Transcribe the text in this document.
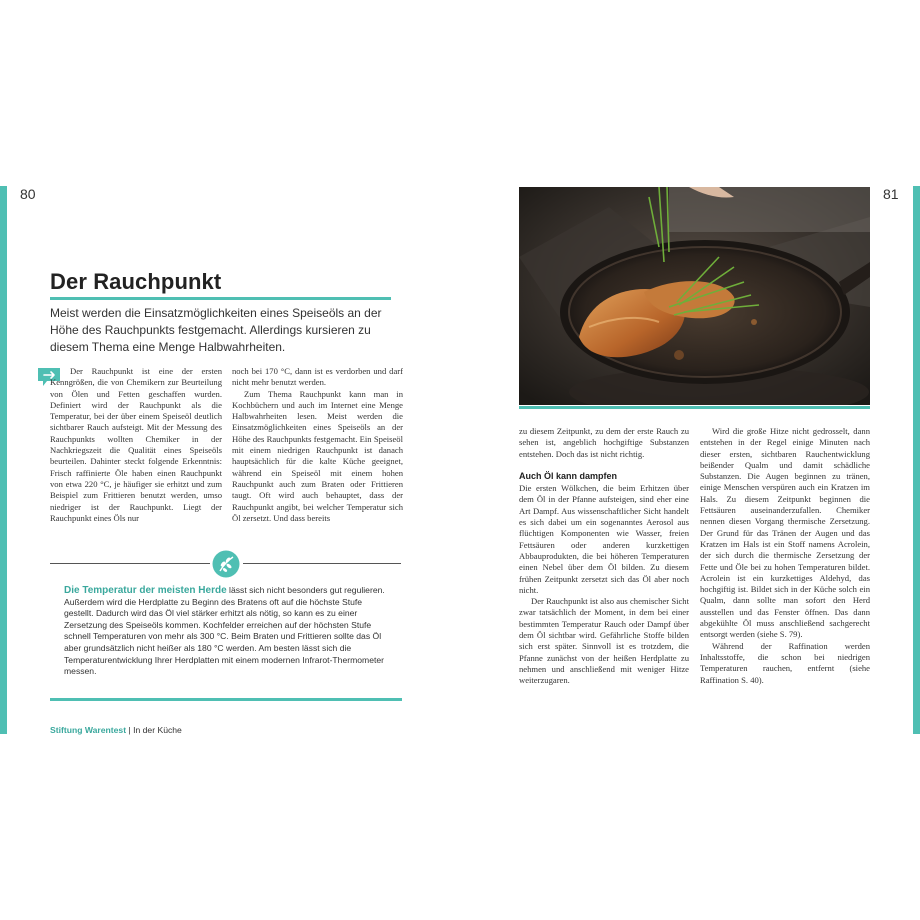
80	81
Der Rauchpunkt

Meist werden die Einsatzmöglichkeiten eines Speiseöls an der Höhe des Rauchpunkts festgemacht. Allerdings kursieren zu diesem Thema eine Menge Halbwahrheiten.

Der Rauchpunkt ist eine der ersten Kenngrößen, die von Chemikern zur Beurteilung von Ölen und Fetten geschaffen wurden. Definiert wird der Rauchpunkt als die Temperatur, bei der über einem Speiseöl deutlich sichtbarer Rauch aufsteigt. Mit der Messung des Rauchpunkts wollten Chemiker in der Nachkriegszeit die Qualität eines Speiseöls beurteilen. Dahinter steckt folgende Erkenntnis: Frisch raffinierte Öle haben einen Rauchpunkt von etwa 220 °C, je häufiger sie erhitzt und zum Beispiel zum Frittieren benutzt werden, umso niedriger ist der Rauchpunkt. Liegt der Rauchpunkt eines Öls nur

noch bei 170 °C, dann ist es verdorben und darf nicht mehr benutzt werden.
Zum Thema Rauchpunkt kann man in Kochbüchern und auch im Internet eine Menge Halbwahrheiten lesen. Meist werden die Einsatzmöglichkeiten eines Speiseöls an der Höhe des Rauchpunkts festgemacht. Ein Speiseöl mit einem niedrigen Rauchpunkt ist danach hauptsächlich für die kalte Küche geeignet, während ein Speiseöl mit einem hohen Rauchpunkt auch zum Braten oder Frittieren taugt. Oft wird auch behauptet, dass der Rauchpunkt angibt, bei welcher Temperatur sich Öl zersetzt. Und dass bereits

Die Temperatur der meisten Herde lässt sich nicht besonders gut regulieren. Außerdem wird die Herdplatte zu Beginn des Bratens oft auf die höchste Stufe gestellt. Dadurch wird das Öl viel stärker erhitzt als nötig, so kann es zu einer Zersetzung des Speiseöls kommen. Kochfelder erreichen auf der höchsten Stufe schnell Temperaturen von mehr als 300 °C. Beim Braten und Frittieren sollte das Öl aber grundsätzlich nicht heißer als 180 °C werden. Am besten lässt sich die Temperaturentwicklung Ihrer Herdplatten mit einem modernen Infrarot-Thermometer messen.

Stiftung Warentest | In der Küche
zu diesem Zeitpunkt, zu dem der erste Rauch zu sehen ist, angeblich hochgiftige Substanzen entstehen. Doch das ist nicht richtig.
Auch Öl kann dampfen
Die ersten Wölkchen, die beim Erhitzen über dem Öl in der Pfanne aufsteigen, sind eher eine Art Dampf. Aus wissenschaftlicher Sicht handelt es sich dabei um ein sogenanntes Aerosol aus flüchtigen Komponenten wie Wasser, freien Fettsäuren oder anderen kurzkettigen Abbauprodukten, die bei höheren Temperaturen einen Nebel über dem Öl bilden. Zu diesem frühen Zeitpunkt zersetzt sich das Öl aber noch nicht.
Der Rauchpunkt ist also aus chemischer Sicht zwar tatsächlich der Moment, in dem bei einer bestimmten Temperatur Rauch oder Dampf über dem Öl sichtbar wird. Gefährliche Stoffe bilden sich erst später. Sinnvoll ist es trotzdem, die Pfanne zunächst von der heißen Herdplatte zu nehmen und anschließend mit weniger Hitze weiterzugaren.
Wird die große Hitze nicht gedrosselt, dann entstehen in der Regel einige Minuten nach dieser ersten, sichtbaren Rauchentwicklung beißender Qualm und damit schädliche Substanzen. Die Augen beginnen zu tränen, einige Menschen verspüren auch ein Kratzen im Hals. Zu diesem Zeitpunkt beginnen die Fettsäuren auseinanderzufallen. Chemiker nennen diesen Vorgang thermische Zersetzung. Der Grund für das Tränen der Augen und das Kratzen im Hals ist ein Stoff namens Acrolein, der sich durch die thermische Zersetzung der Fette und Öle bei zu hohen Temperaturen bildet. Acrolein ist ein kurzkettiges Aldehyd, das hochgiftig ist. Bildet sich in der Küche solch ein Qualm, dann sollte man sofort den Herd ausstellen und das Fenster öffnen. Das dann abgekühlte Öl muss anschließend sachgerecht entsorgt werden (siehe S. 79).
Während der Raffination werden Inhaltsstoffe, die schon bei niedrigen Temperaturen rauchen, entfernt (siehe Raffination S. 40).
